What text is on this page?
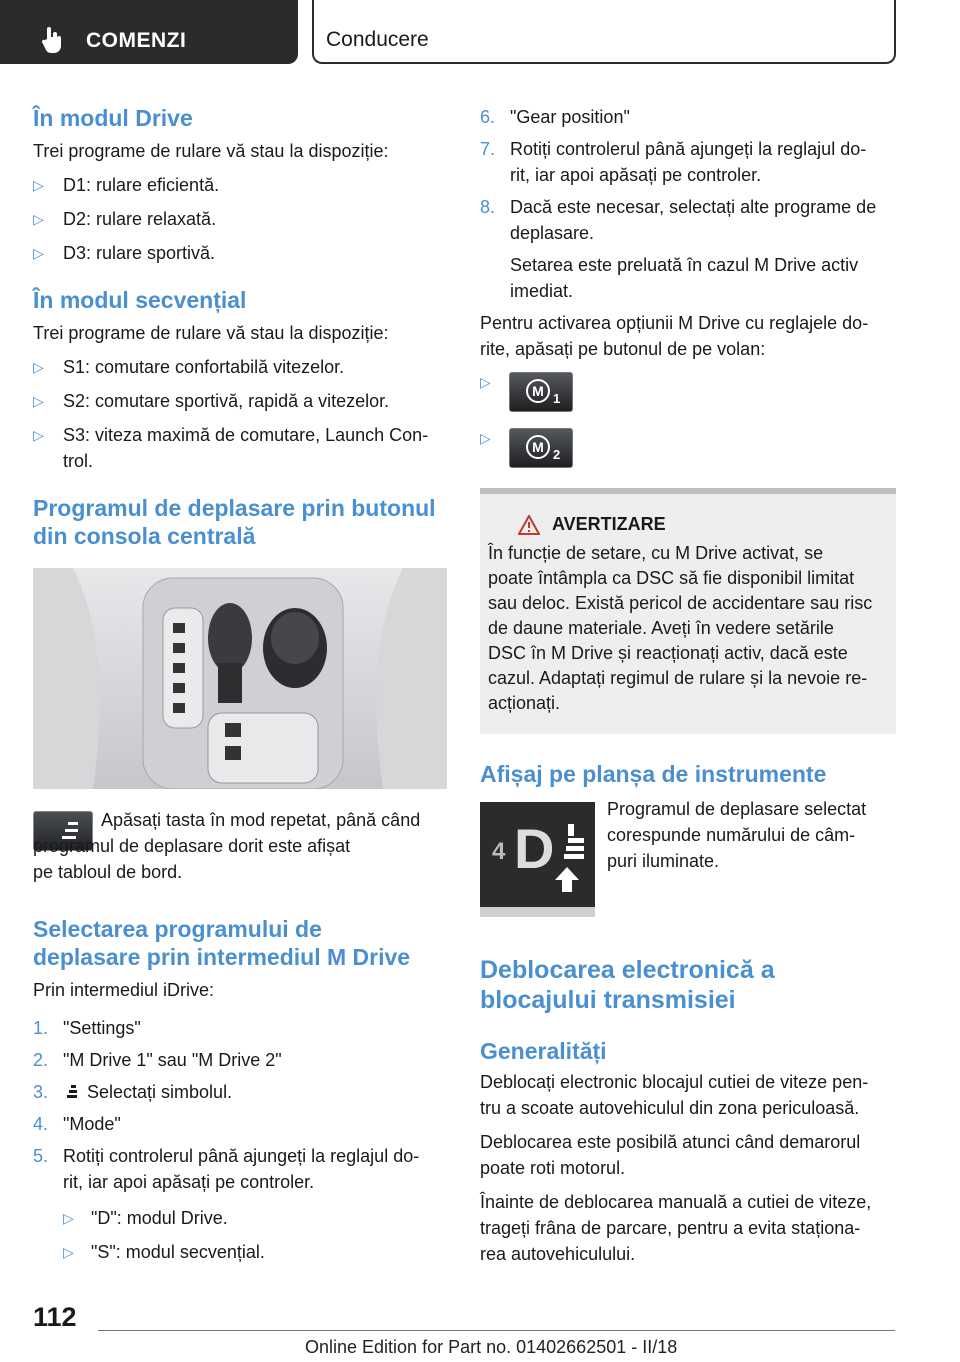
COMENZI	Conducere
În modul Drive

Trei programe de rulare vă stau la dispoziție:

▷ D1: rulare eficientă.
▷ D2: rulare relaxată.
▷ D3: rulare sportivă.
În modul secvențial

Trei programe de rulare vă stau la dispoziție:

▷ S1: comutare confortabilă vitezelor.
▷ S2: comutare sportivă, rapidă a vitezelor.
▷ S3: viteza maximă de comutare, Launch Con-
trol.
Programul de deplasare prin butonul
din consola centrală

Apăsați tasta în mod repetat, până când
programul de deplasare dorit este afișat
pe tabloul de bord.

Selectarea programului de
deplasare prin intermediul M Drive

Prin intermediul iDrive:

1. "Settings"
2. "M Drive 1" sau "M Drive 2"
3. Selectați simbolul.
4. "Mode"
5. Rotiți controlerul până ajungeți la reglajul do-
rit, iar apoi apăsați pe controler.
▷ "D": modul Drive.
▷ "S": modul secvențial.
6. "Gear position"
7. Rotiți controlerul până ajungeți la reglajul do-
rit, iar apoi apăsați pe controler.
8. Dacă este necesar, selectați alte programe de
deplasare.

Setarea este preluată în cazul M Drive activ
imediat.

Pentru activarea opțiunii M Drive cu reglajele do-
rite, apăsați pe butonul de pe volan:

▷
M 1
▷
M 2
AVERTIZARE

În funcție de setare, cu M Drive activat, se
poate întâmpla ca DSC să fie disponibil limitat
sau deloc. Există pericol de accidentare sau risc
de daune materiale. Aveți în vedere setările
DSC în M Drive și reacționați activ, dacă este
cazul. Adaptați regimul de rulare și la nevoie re-
acționați.

Afișaj pe planșa de instrumente
4 D

Programul de deplasare selectat
corespunde numărului de câm-
puri iluminate.

Deblocarea electronică a
blocajului transmisiei
Generalități

Deblocați electronic blocajul cutiei de viteze pen-
tru a scoate autovehiculul din zona periculoasă.

Deblocarea este posibilă atunci când demarorul
poate roti motorul.

Înainte de deblocarea manuală a cutiei de viteze,
trageți frâna de parcare, pentru a evita staționa-
rea autovehiculului.

112
Online Edition for Part no. 01402662501 - II/18
